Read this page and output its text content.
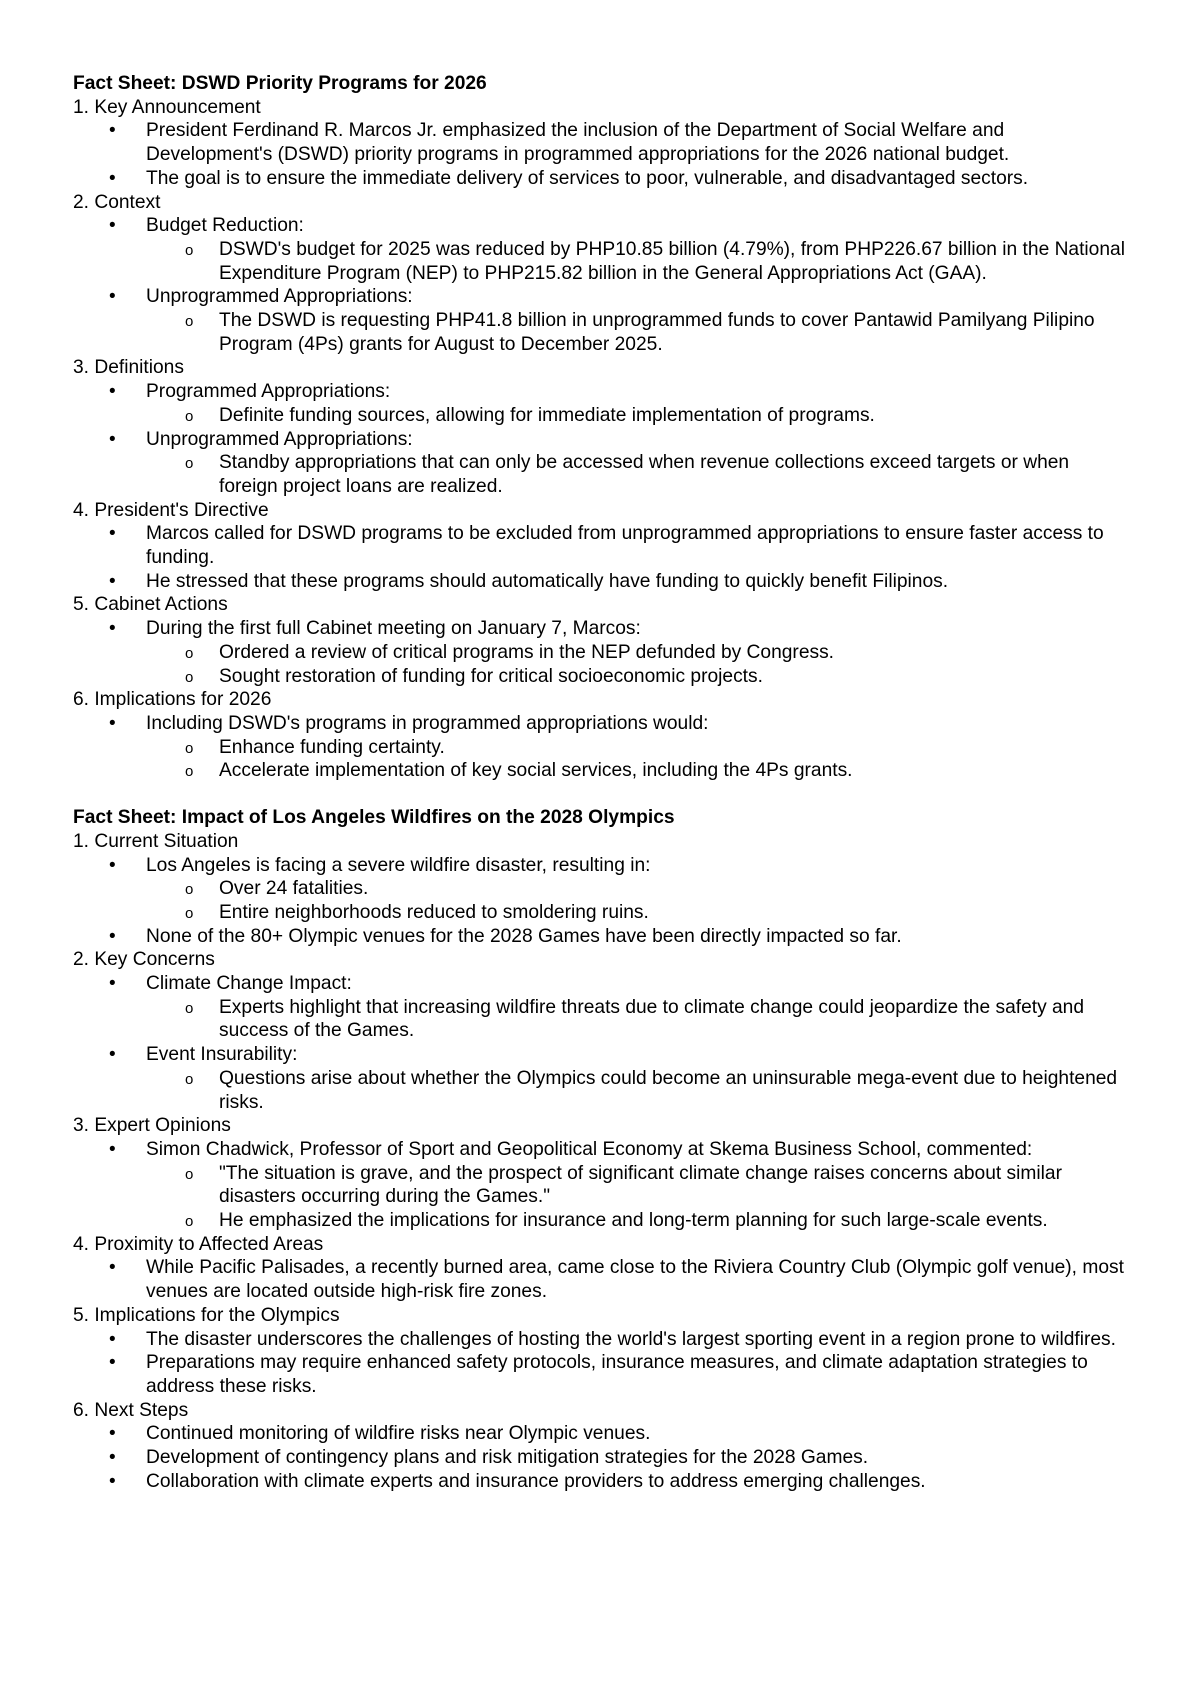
Fact Sheet: DSWD Priority Programs for 2026
1. Key Announcement
• President Ferdinand R. Marcos Jr. emphasized the inclusion of the Department of Social Welfare and Development's (DSWD) priority programs in programmed appropriations for the 2026 national budget.
• The goal is to ensure the immediate delivery of services to poor, vulnerable, and disadvantaged sectors.
2. Context
• Budget Reduction:
o DSWD's budget for 2025 was reduced by PHP10.85 billion (4.79%), from PHP226.67 billion in the National Expenditure Program (NEP) to PHP215.82 billion in the General Appropriations Act (GAA).
• Unprogrammed Appropriations:
o The DSWD is requesting PHP41.8 billion in unprogrammed funds to cover Pantawid Pamilyang Pilipino Program (4Ps) grants for August to December 2025.
3. Definitions
• Programmed Appropriations:
o Definite funding sources, allowing for immediate implementation of programs.
• Unprogrammed Appropriations:
o Standby appropriations that can only be accessed when revenue collections exceed targets or when foreign project loans are realized.
4. President's Directive
• Marcos called for DSWD programs to be excluded from unprogrammed appropriations to ensure faster access to funding.
• He stressed that these programs should automatically have funding to quickly benefit Filipinos.
5. Cabinet Actions
• During the first full Cabinet meeting on January 7, Marcos:
o Ordered a review of critical programs in the NEP defunded by Congress.
o Sought restoration of funding for critical socioeconomic projects.
6. Implications for 2026
• Including DSWD's programs in programmed appropriations would:
o Enhance funding certainty.
o Accelerate implementation of key social services, including the 4Ps grants.
Fact Sheet: Impact of Los Angeles Wildfires on the 2028 Olympics
1. Current Situation
• Los Angeles is facing a severe wildfire disaster, resulting in:
o Over 24 fatalities.
o Entire neighborhoods reduced to smoldering ruins.
• None of the 80+ Olympic venues for the 2028 Games have been directly impacted so far.
2. Key Concerns
• Climate Change Impact:
o Experts highlight that increasing wildfire threats due to climate change could jeopardize the safety and success of the Games.
• Event Insurability:
o Questions arise about whether the Olympics could become an uninsurable mega-event due to heightened risks.
3. Expert Opinions
• Simon Chadwick, Professor of Sport and Geopolitical Economy at Skema Business School, commented:
o "The situation is grave, and the prospect of significant climate change raises concerns about similar disasters occurring during the Games."
o He emphasized the implications for insurance and long-term planning for such large-scale events.
4. Proximity to Affected Areas
• While Pacific Palisades, a recently burned area, came close to the Riviera Country Club (Olympic golf venue), most venues are located outside high-risk fire zones.
5. Implications for the Olympics
• The disaster underscores the challenges of hosting the world's largest sporting event in a region prone to wildfires.
• Preparations may require enhanced safety protocols, insurance measures, and climate adaptation strategies to address these risks.
6. Next Steps
• Continued monitoring of wildfire risks near Olympic venues.
• Development of contingency plans and risk mitigation strategies for the 2028 Games.
• Collaboration with climate experts and insurance providers to address emerging challenges.
